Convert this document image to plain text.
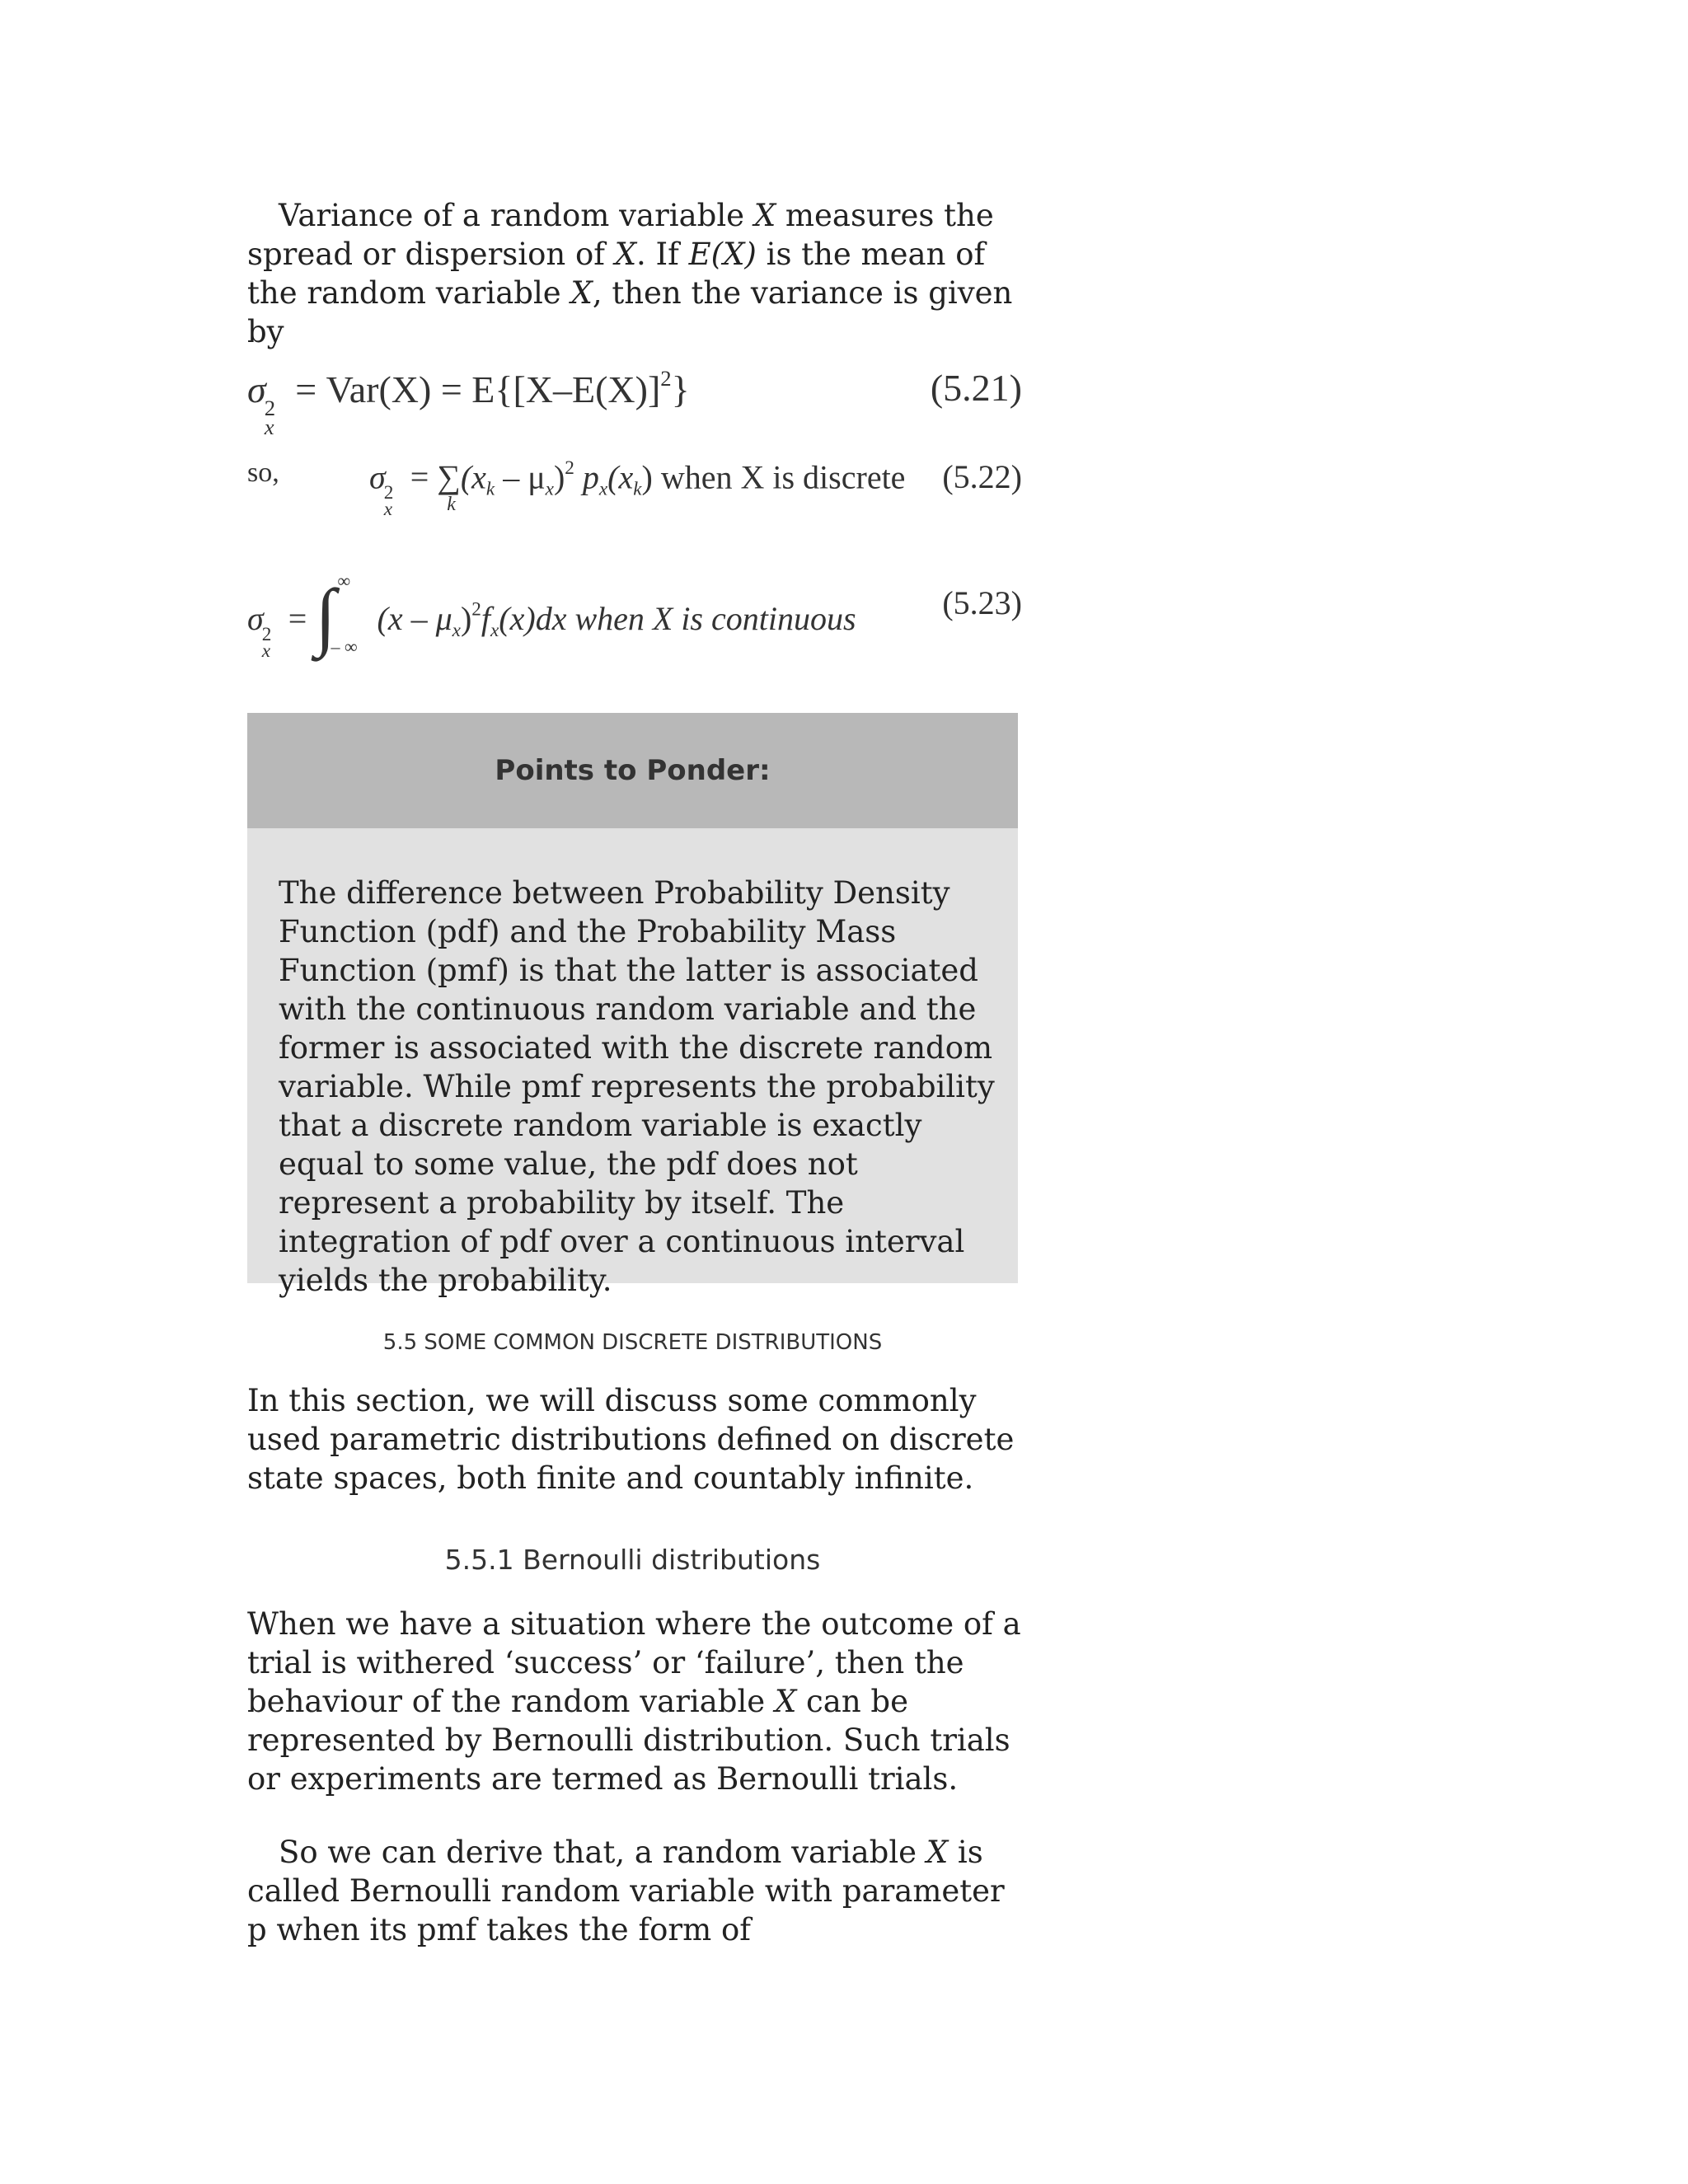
Variance of a random variable X measures the spread or dispersion of X. If E(X) is the mean of the random variable X, then the variance is given by

σ
2
x
= $Var(X) = E\{[X-E(X)]^2\}$	(5.21)
so,	σ
2
x
= ∑
k
$(x_k - \mu_x)^2$ $p_x(x_k)$ when X is discrete (5.22)
σ
2
x
= ∫ ∞
– ∞
$(x - \mu_x)^2f_x(x)dx$ when X is continuous	(5.23)
Points to Ponder:

The difference between Probability Density Function (pdf) and the Probability Mass Function (pmf) is that the latter is associated with the continuous random variable and the former is associated with the discrete random variable. While pmf represents the probability that a discrete random variable is exactly equal to some value, the pdf does not represent a probability by itself. The integration of pdf over a continuous interval yields the probability.

5.5 SOME COMMON DISCRETE DISTRIBUTIONS

In this section, we will discuss some commonly used parametric distributions defined on discrete state spaces, both finite and countably infinite.

5.5.1 Bernoulli distributions

When we have a situation where the outcome of a trial is withered ‘success’ or ‘failure’, then the behaviour of the random variable X can be represented by Bernoulli distribution. Such trials or experiments are termed as Bernoulli trials.

So we can derive that, a random variable X is called Bernoulli random variable with parameter p when its pmf takes the form of
